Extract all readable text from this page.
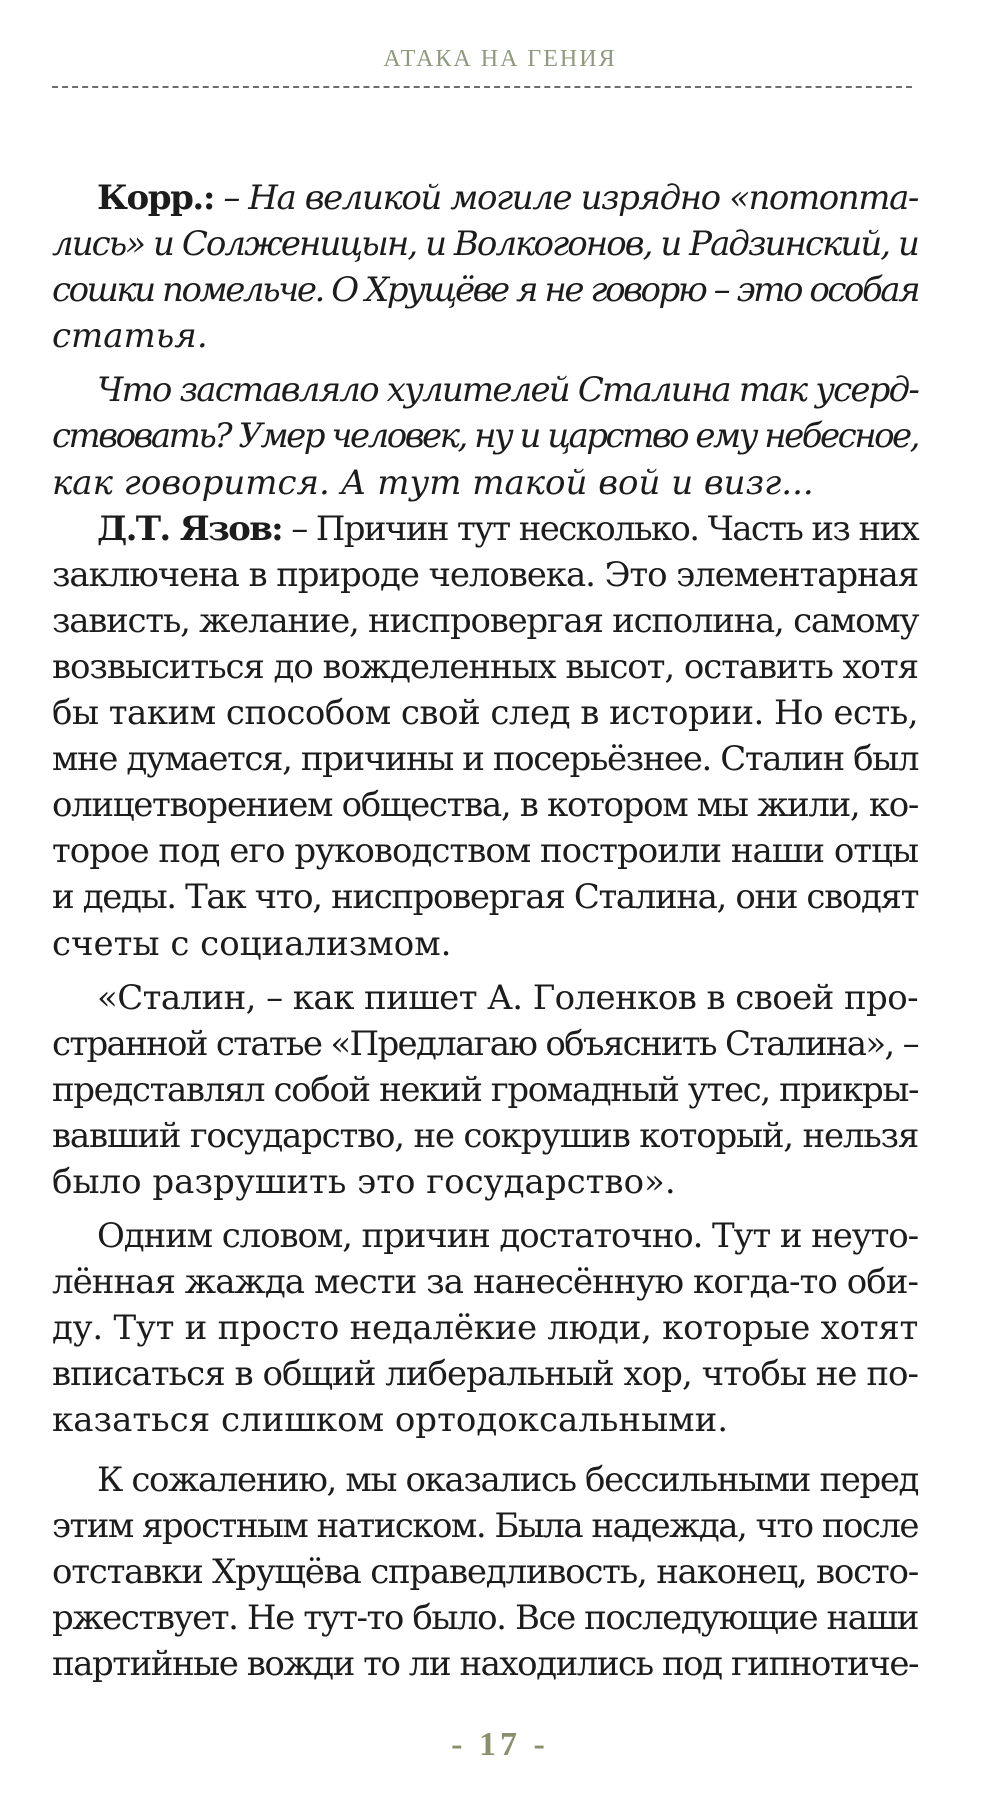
АТАКА НА ГЕНИЯ
Корр.: – На великой могиле изрядно «потопта-
лись» и Солженицын, и Волкогонов, и Радзинский, и
сошки помельче. О Хрущёве я не говорю – это особая
статья.
Что заставляло хулителей Сталина так усерд-
ствовать? Умер человек, ну и царство ему небесное,
как говорится. А тут такой вой и визг...
Д.Т. Язов: – Причин тут несколько. Часть из них
заключена в природе человека. Это элементарная
зависть, желание, ниспровергая исполина, самому
возвыситься до вожделенных высот, оставить хотя
бы таким способом свой след в истории. Но есть,
мне думается, причины и посерьёзнее. Сталин был
олицетворением общества, в котором мы жили, ко-
торое под его руководством построили наши отцы
и деды. Так что, ниспровергая Сталина, они сводят
счеты с социализмом.
«Сталин, – как пишет А. Голенков в своей про-
странной статье «Предлагаю объяснить Сталина», –
представлял собой некий громадный утес, прикры-
вавший государство, не сокрушив который, нельзя
было разрушить это государство».
Одним словом, причин достаточно. Тут и неуто-
лённая жажда мести за нанесённую когда-то оби-
ду. Тут и просто недалёкие люди, которые хотят
вписаться в общий либеральный хор, чтобы не по-
казаться слишком ортодоксальными.
К сожалению, мы оказались бессильными перед
этим яростным натиском. Была надежда, что после
отставки Хрущёва справедливость, наконец, восто-
ржествует. Не тут-то было. Все последующие наши
партийные вожди то ли находились под гипнотиче-
- 17 -
